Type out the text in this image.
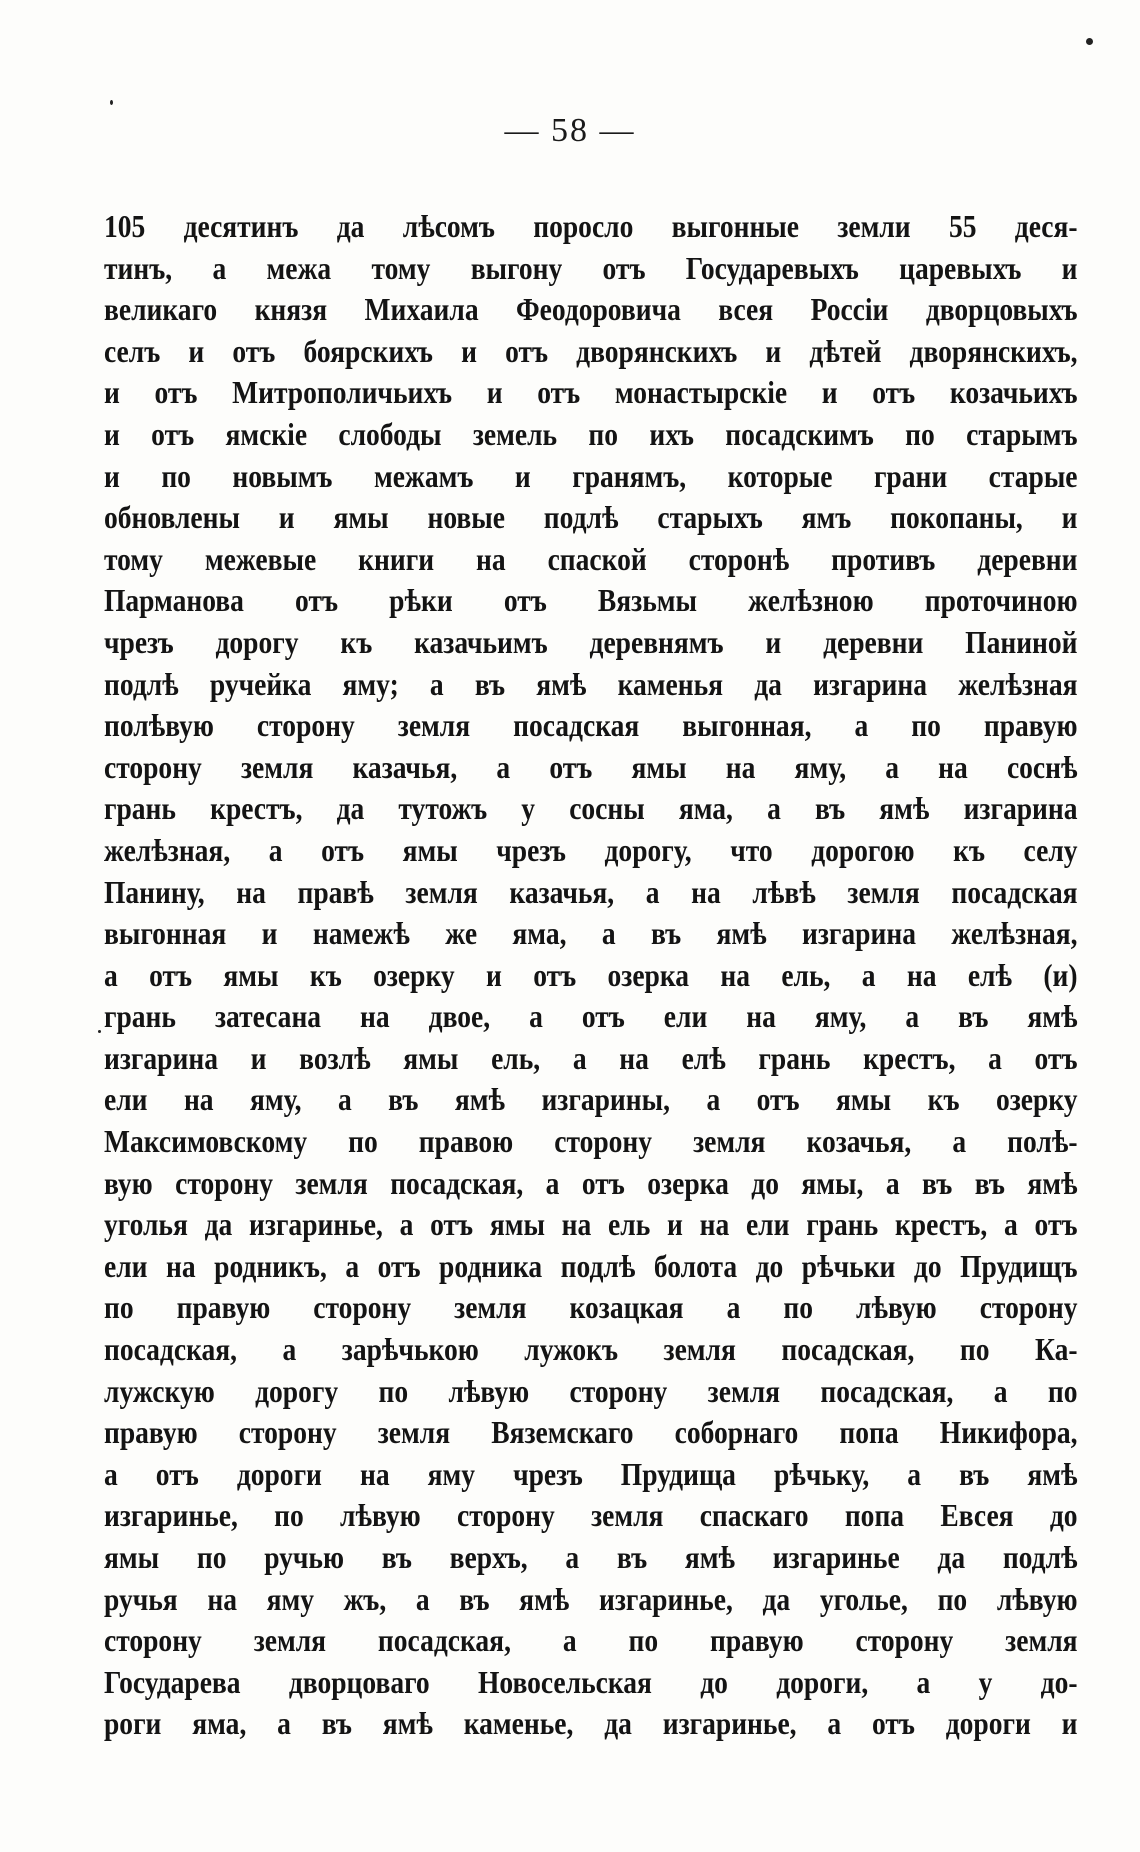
— 58 —
105 десятинъ да лѣсомъ поросло выгонные земли 55 деся-
тинъ, а межа тому выгону отъ Государевыхъ царевыхъ и
великаго князя Михаила Феодоровича всея Россіи дворцовыхъ
селъ и отъ боярскихъ и отъ дворянскихъ и дѣтей дворянскихъ,
и отъ Митрополичьихъ и отъ монастырскіе и отъ козачьихъ
и отъ ямскіе слободы земель по ихъ посадскимъ по старымъ
и по новымъ межамъ и гранямъ, которые грани старые
обновлены и ямы новые подлѣ старыхъ ямъ покопаны, и
тому межевые книги на спаской сторонѣ противъ деревни
Парманова отъ рѣки отъ Вязьмы желѣзною проточиною
чрезъ дорогу къ казачьимъ деревнямъ и деревни Паниной
подлѣ ручейка яму; а въ ямѣ каменья да изгарина желѣзная
полѣвую сторону земля посадская выгонная, а по правую
сторону земля казачья, а отъ ямы на яму, а на соснѣ
грань крестъ, да тутожъ у сосны яма, а въ ямѣ изгарина
желѣзная, а отъ ямы чрезъ дорогу, что дорогою къ селу
Панину, на правѣ земля казачья, а на лѣвѣ земля посадская
выгонная и намежѣ же яма, а въ ямѣ изгарина желѣзная,
а отъ ямы къ озерку и отъ озерка на ель, а на елѣ (и)
грань затесана на двое, а отъ ели на яму, а въ ямѣ
изгарина и возлѣ ямы ель, а на елѣ грань крестъ, а отъ
ели на яму, а въ ямѣ изгарины, а отъ ямы къ озерку
Максимовскому по правою сторону земля козачья, а полѣ-
вую сторону земля посадская, а отъ озерка до ямы, а въ въ ямѣ
уголья да изгаринье, а отъ ямы на ель и на ели грань крестъ, а отъ
ели на родникъ, а отъ родника подлѣ болота до рѣчьки до Прудищъ
по правую сторону земля козацкая а по лѣвую сторону
посадская, а зарѣчькою лужокъ земля посадская, по Ка-
лужскую дорогу по лѣвую сторону земля посадская, а по
правую сторону земля Вяземскаго соборнаго попа Никифора,
а отъ дороги на яму чрезъ Прудища рѣчьку, а въ ямѣ
изгаринье, по лѣвую сторону земля спаскаго попа Евсея до
ямы по ручью въ верхъ, а въ ямѣ изгаринье да подлѣ
ручья на яму жъ, а въ ямѣ изгаринье, да уголье, по лѣвую
сторону земля посадская, а по правую сторону земля
Государева дворцоваго Новосельская до дороги, а у до-
роги яма, а въ ямѣ каменье, да изгаринье, а отъ дороги и
